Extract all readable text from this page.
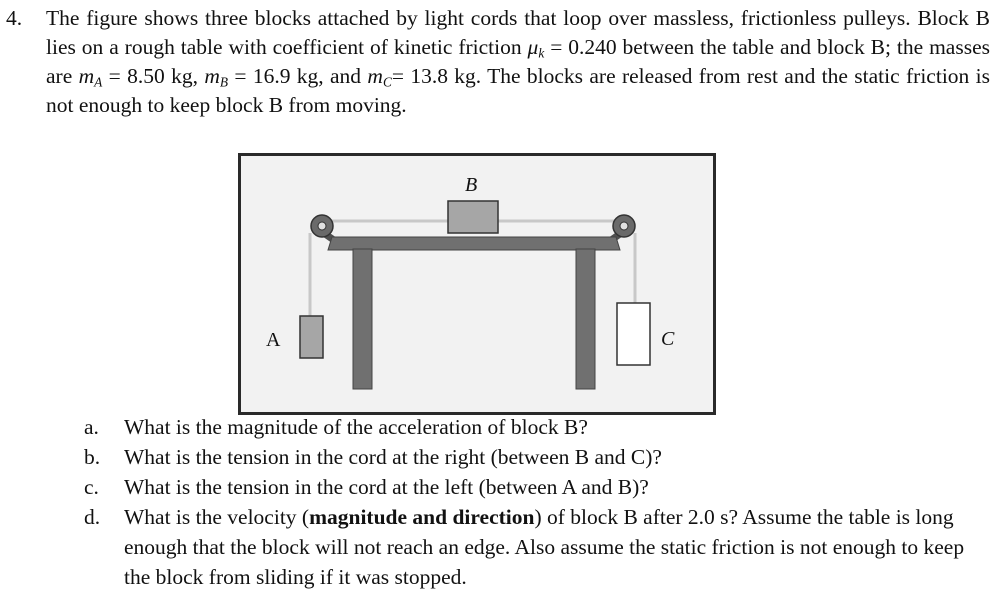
4. The figure shows three blocks attached by light cords that loop over massless, frictionless pulleys. Block B lies on a rough table with coefficient of kinetic friction $\mu_k = 0.240$ between the table and block B; the masses are $m_A = 8.50$ kg, $m_B = 16.9$ kg, and $m_C= 13.8$ kg. The blocks are released from rest and the static friction is not enough to keep block B from moving.
B
A	C
a. What is the magnitude of the acceleration of block B?
b. What is the tension in the cord at the right (between B and C)?
c. What is the tension in the cord at the left (between A and B)?
d. What is the velocity (magnitude and direction) of block B after 2.0 s? Assume the table is long enough that the block will not reach an edge. Also assume the static friction is not enough to keep the block from sliding if it was stopped.
